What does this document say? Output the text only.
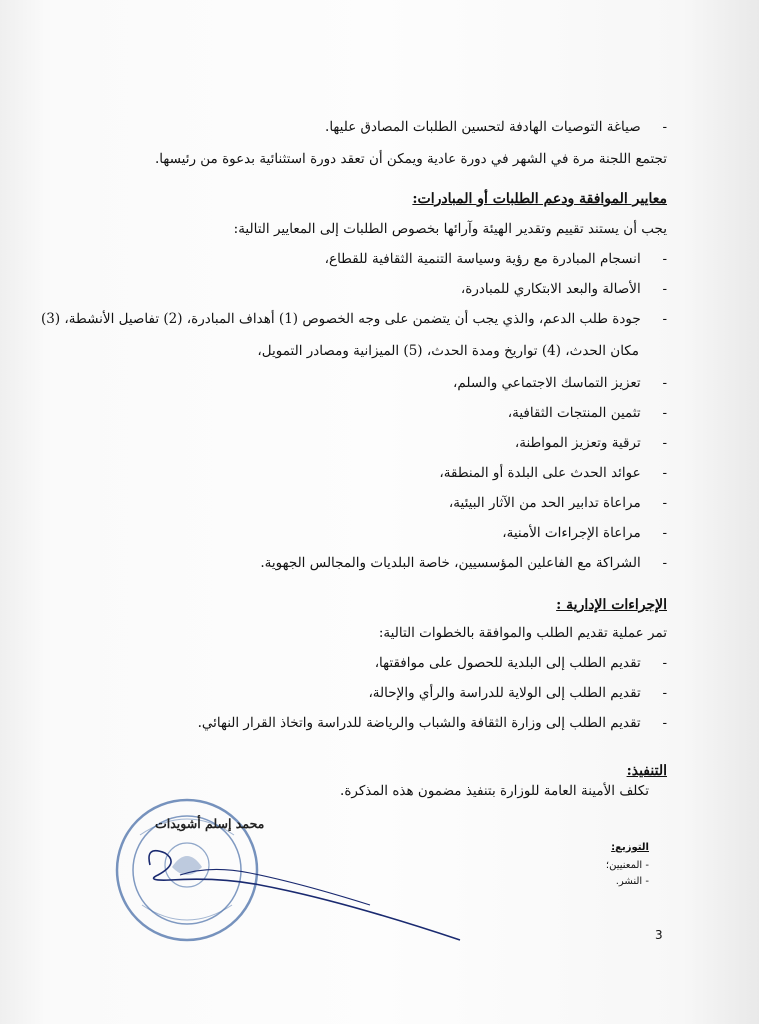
- صياغة التوصيات الهادفة لتحسين الطلبات المصادق عليها.
تجتمع اللجنة مرة في الشهر في دورة عادية ويمكن أن تعقد دورة استثنائية بدعوة من رئيسها.
معايير الموافقة ودعم الطلبات أو المبادرات:
يجب أن يستند تقييم وتقدير الهيئة وآرائها بخصوص الطلبات إلى المعايير التالية:
- انسجام المبادرة مع رؤية وسياسة التنمية الثقافية للقطاع،
- الأصالة والبعد الابتكاري للمبادرة،
- جودة طلب الدعم، والذي يجب أن يتضمن على وجه الخصوص (1) أهداف المبادرة، (2) تفاصيل الأنشطة، (3)
مكان الحدث، (4) تواريخ ومدة الحدث، (5) الميزانية ومصادر التمويل،
- تعزيز التماسك الاجتماعي والسلم،
- تثمين المنتجات الثقافية،
- ترقية وتعزيز المواطنة،
- عوائد الحدث على البلدة أو المنطقة،
- مراعاة تدابير الحد من الآثار البيئية،
- مراعاة الإجراءات الأمنية،
- الشراكة مع الفاعلين المؤسسيين، خاصة البلديات والمجالس الجهوية.
الإجراءات الإدارية :
تمر عملية تقديم الطلب والموافقة بالخطوات التالية:
- تقديم الطلب إلى البلدية للحصول على موافقتها،
- تقديم الطلب إلى الولاية للدراسة والرأي والإحالة،
- تقديم الطلب إلى وزارة الثقافة والشباب والرياضة للدراسة واتخاذ القرار النهائي.
التنفيذ:
تكلف الأمينة العامة للوزارة بتنفيذ مضمون هذه المذكرة.
محمد إسلم أشويدات
التوزيع:
- المعنيين؛
- النشر.
3
